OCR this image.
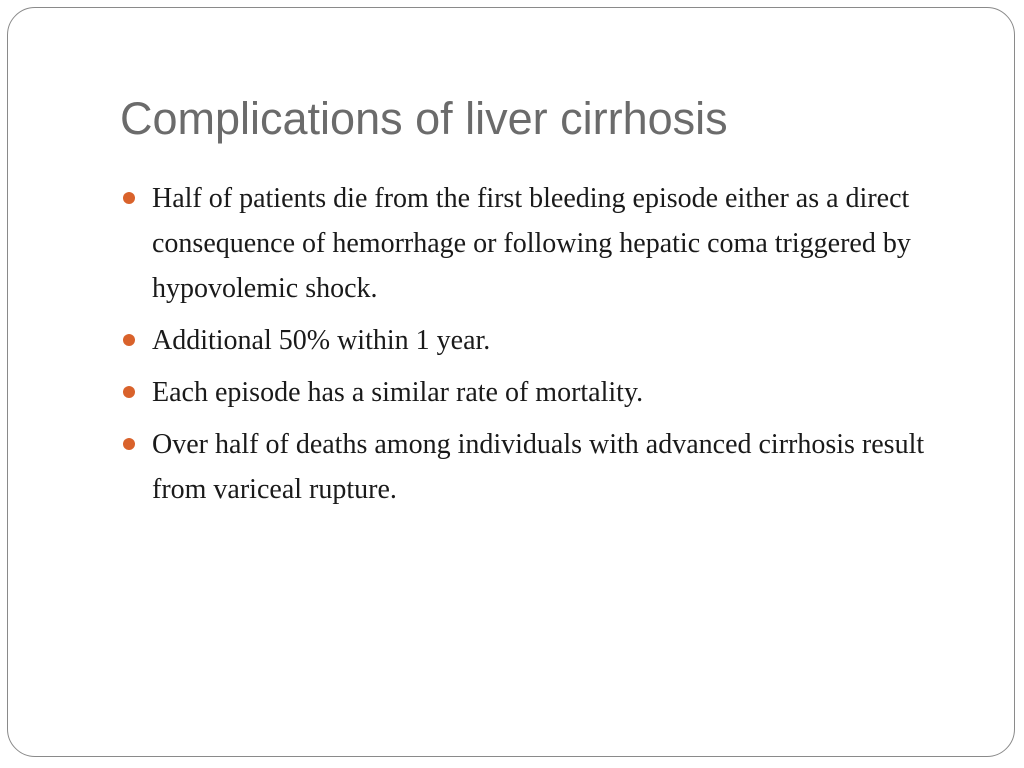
Complications of liver cirrhosis
Half of patients die from the first bleeding episode either as a direct consequence of hemorrhage or following hepatic coma triggered by hypovolemic shock.
Additional 50% within 1 year.
Each episode has a similar rate of mortality.
Over half of deaths among individuals with advanced cirrhosis result from variceal rupture.
